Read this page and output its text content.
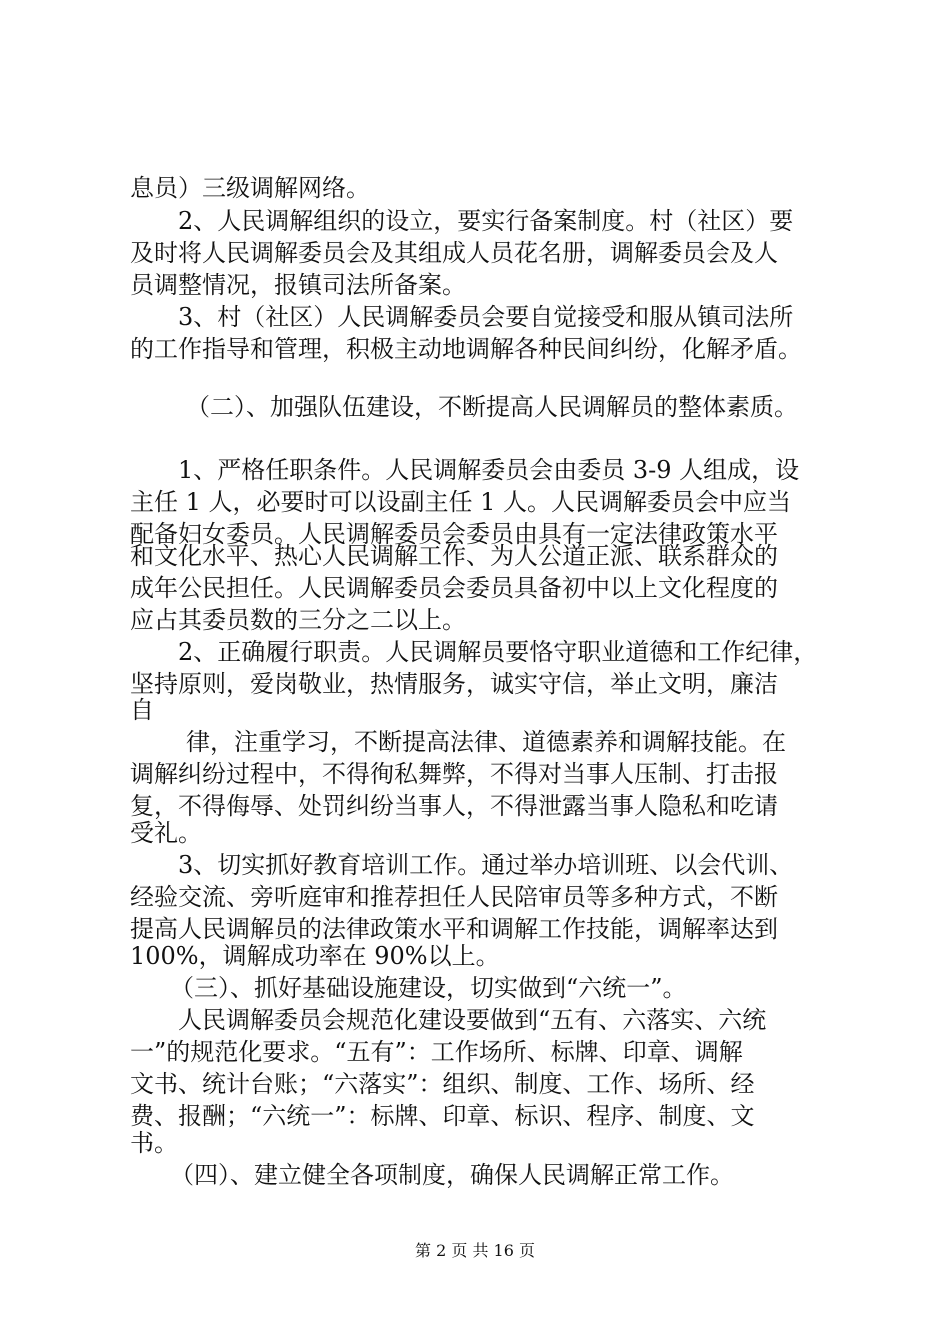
息员）三级调解网络。
2、人民调解组织的设立，要实行备案制度。村（社区）要
及时将人民调解委员会及其组成人员花名册，调解委员会及人
员调整情况，报镇司法所备案。
3、村（社区）人民调解委员会要自觉接受和服从镇司法所
的工作指导和管理，积极主动地调解各种民间纠纷，化解矛盾。
（二）、加强队伍建设，不断提高人民调解员的整体素质。
1、严格任职条件。人民调解委员会由委员 3-9 人组成，设
主任 1 人，必要时可以设副主任 1 人。人民调解委员会中应当
配备妇女委员。人民调解委员会委员由具有一定法律政策水平
和文化水平、热心人民调解工作、为人公道正派、联系群众的
成年公民担任。人民调解委员会委员具备初中以上文化程度的
应占其委员数的三分之二以上。
2、正确履行职责。人民调解员要恪守职业道德和工作纪律，
坚持原则，爱岗敬业，热情服务，诚实守信，举止文明，廉洁
自
律，注重学习，不断提高法律、道德素养和调解技能。在
调解纠纷过程中，不得徇私舞弊，不得对当事人压制、打击报
复，不得侮辱、处罚纠纷当事人，不得泄露当事人隐私和吃请
受礼。
3、切实抓好教育培训工作。通过举办培训班、以会代训、
经验交流、旁听庭审和推荐担任人民陪审员等多种方式，不断
提高人民调解员的法律政策水平和调解工作技能，调解率达到
100%，调解成功率在 90%以上。
（三）、抓好基础设施建设，切实做到“六统一”。
人民调解委员会规范化建设要做到“五有、六落实、六统
一”的规范化要求。“五有”：工作场所、标牌、印章、调解
文书、统计台账；“六落实”：组织、制度、工作、场所、经
费、报酬；“六统一”：标牌、印章、标识、程序、制度、文
书。
（四）、建立健全各项制度，确保人民调解正常工作。
第 2 页 共 16 页
